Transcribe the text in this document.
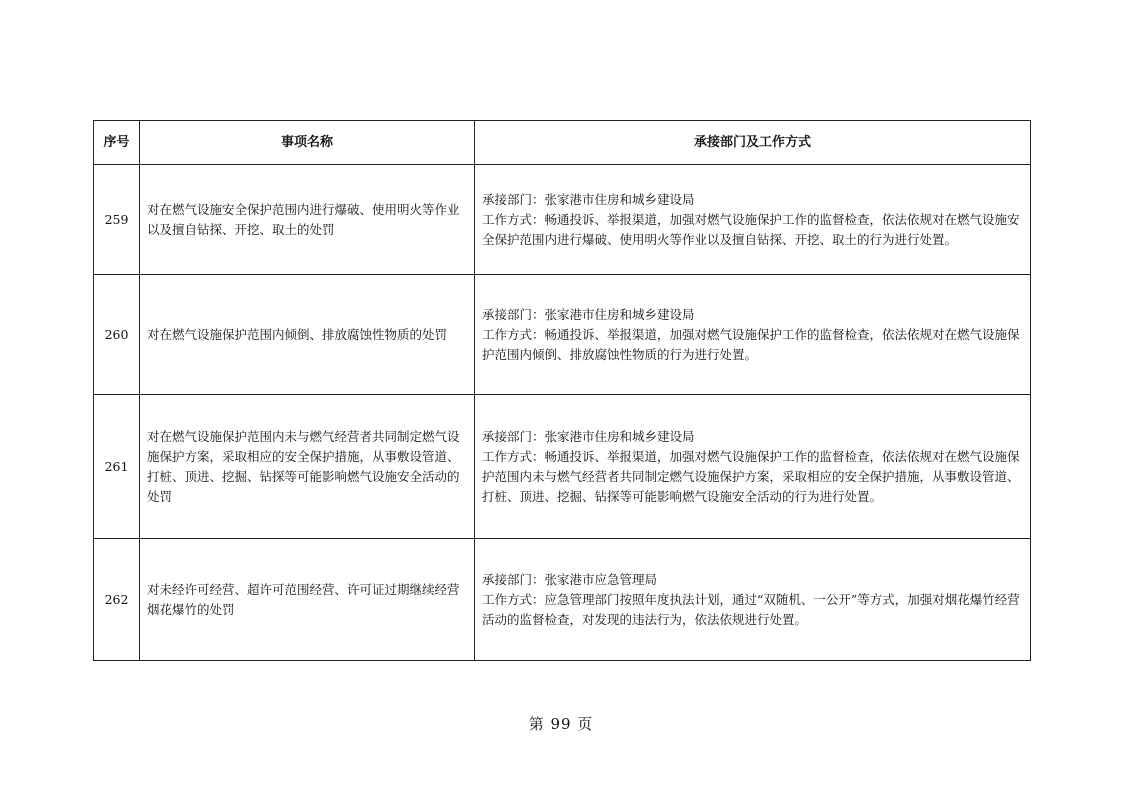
序号	事项名称	承接部门及工作方式
259	对在燃气设施安全保护范围内进行爆破、使用明火等作业以及擅自钻探、开挖、取土的处罚	承接部门：张家港市住房和城乡建设局
工作方式：畅通投诉、举报渠道，加强对燃气设施保护工作的监督检查，依法依规对在燃气设施安全保护范围内进行爆破、使用明火等作业以及擅自钻探、开挖、取土的行为进行处置。

260	对在燃气设施保护范围内倾倒、排放腐蚀性物质的处罚	承接部门：张家港市住房和城乡建设局
工作方式：畅通投诉、举报渠道，加强对燃气设施保护工作的监督检查，依法依规对在燃气设施保护范围内倾倒、排放腐蚀性物质的行为进行处置。

261	对在燃气设施保护范围内未与燃气经营者共同制定燃气设施保护方案，采取相应的安全保护措施，从事敷设管道、打桩、顶进、挖掘、钻探等可能影响燃气设施安全活动的处罚	承接部门：张家港市住房和城乡建设局
工作方式：畅通投诉、举报渠道，加强对燃气设施保护工作的监督检查，依法依规对在燃气设施保护范围内未与燃气经营者共同制定燃气设施保护方案，采取相应的安全保护措施，从事敷设管道、打桩、顶进、挖掘、钻探等可能影响燃气设施安全活动的行为进行处置。

262	对未经许可经营、超许可范围经营、许可证过期继续经营烟花爆竹的处罚	承接部门：张家港市应急管理局
工作方式：应急管理部门按照年度执法计划，通过“双随机、一公开”等方式，加强对烟花爆竹经营活动的监督检查，对发现的违法行为，依法依规进行处置。
第 99 页
